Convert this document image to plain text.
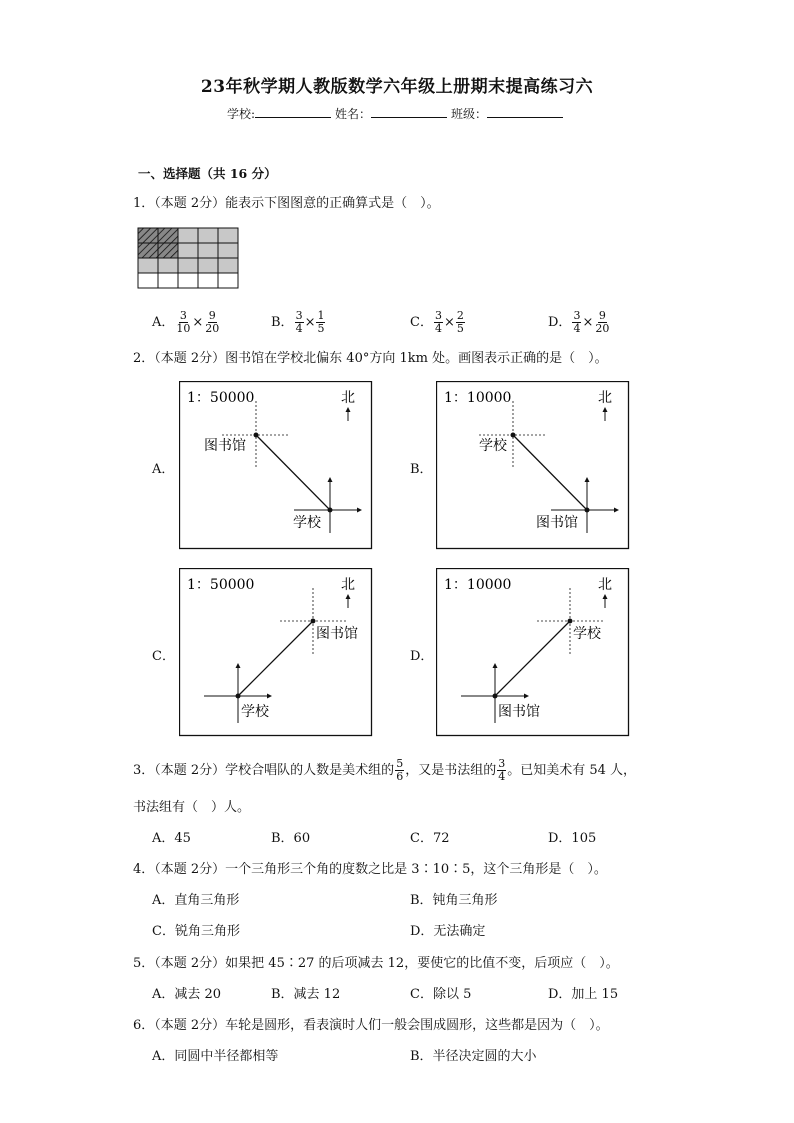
23年秋学期人教版数学六年级上册期末提高练习六
学校:	姓名：	班级：
一、选择题（共 16 分）
1．（本题 2分）能表示下图图意的正确算式是（　）。
A． $\frac{3}{10} \times \frac{9}{20}$	B． $\frac{3}{4} \times \frac{1}{5}$	C． $\frac{3}{4} \times \frac{2}{5}$	D． $\frac{3}{4} \times \frac{9}{20}$
2．（本题 2分）图书馆在学校北偏东 40°方向 1km 处。画图表示正确的是（　）。
A．	B．
C．	D．
1：50000	北
图书馆
学校
1：10000	北
学校
图书馆
1：50000	北
图书馆
学校
1：10000	北
学校
图书馆
3．（本题 2分）学校合唱队的人数是美术组的 $\frac{5}{6}$ ，又是书法组的 $\frac{3}{4}$ 。已知美术有 54 人，
书法组有（　）人。
A．45	B．60	C．72	D．105
4．（本题 2分）一个三角形三个角的度数之比是 3∶10∶5，这个三角形是（　）。
A．直角三角形	B．钝角三角形
C．锐角三角形	D．无法确定
5．（本题 2分）如果把 45∶27 的后项减去 12，要使它的比值不变，后项应（　）。
A．减去 20	B．减去 12	C．除以 5	D．加上 15
6．（本题 2分）车轮是圆形，看表演时人们一般会围成圆形，这些都是因为（　）。
A．同圆中半径都相等	B．半径决定圆的大小
